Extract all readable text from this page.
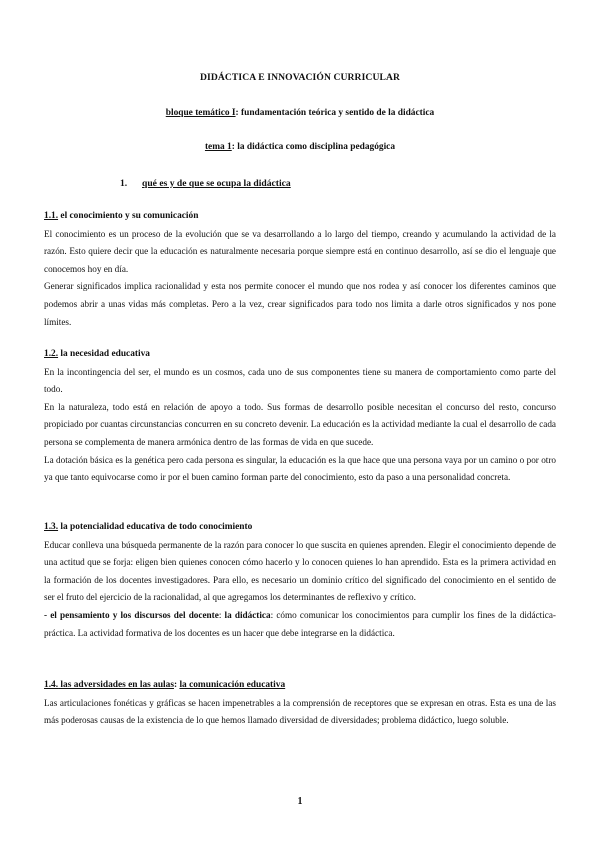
DIDÁCTICA E INNOVACIÓN CURRICULAR
bloque temático I: fundamentación teórica y sentido de la didáctica
tema 1: la didáctica como disciplina pedagógica
1. qué es y de que se ocupa la didáctica
1.1. el conocimiento y su comunicación

El conocimiento es un proceso de la evolución que se va desarrollando a lo largo del tiempo, creando y acumulando la actividad de la razón. Esto quiere decir que la educación es naturalmente necesaria porque siempre está en continuo desarrollo, así se dio el lenguaje que conocemos hoy en día.

Generar significados implica racionalidad y esta nos permite conocer el mundo que nos rodea y así conocer los diferentes caminos que podemos abrir a unas vidas más completas. Pero a la vez, crear significados para todo nos limita a darle otros significados y nos pone límites.

1.2. la necesidad educativa

En la incontingencia del ser, el mundo es un cosmos, cada uno de sus componentes tiene su manera de comportamiento como parte del todo.

En la naturaleza, todo está en relación de apoyo a todo. Sus formas de desarrollo posible necesitan el concurso del resto, concurso propiciado por cuantas circunstancias concurren en su concreto devenir. La educación es la actividad mediante la cual el desarrollo de cada persona se complementa de manera armónica dentro de las formas de vida en que sucede.

La dotación básica es la genética pero cada persona es singular, la educación es la que hace que una persona vaya por un camino o por otro ya que tanto equivocarse como ir por el buen camino forman parte del conocimiento, esto da paso a una personalidad concreta.

1.3. la potencialidad educativa de todo conocimiento

Educar conlleva una búsqueda permanente de la razón para conocer lo que suscita en quienes aprenden. Elegir el conocimiento depende de una actitud que se forja: eligen bien quienes conocen cómo hacerlo y lo conocen quienes lo han aprendido. Esta es la primera actividad en la formación de los docentes investigadores. Para ello, es necesario un dominio crítico del significado del conocimiento en el sentido de ser el fruto del ejercicio de la racionalidad, al que agregamos los determinantes de reflexivo y crítico.

- el pensamiento y los discursos del docente: la didáctica: cómo comunicar los conocimientos para cumplir los fines de la didáctica-práctica. La actividad formativa de los docentes es un hacer que debe integrarse en la didáctica.

1.4. las adversidades en las aulas: la comunicación educativa

Las articulaciones fonéticas y gráficas se hacen impenetrables a la comprensión de receptores que se expresan en otras. Esta es una de las más poderosas causas de la existencia de lo que hemos llamado diversidad de diversidades; problema didáctico, luego soluble.

1
